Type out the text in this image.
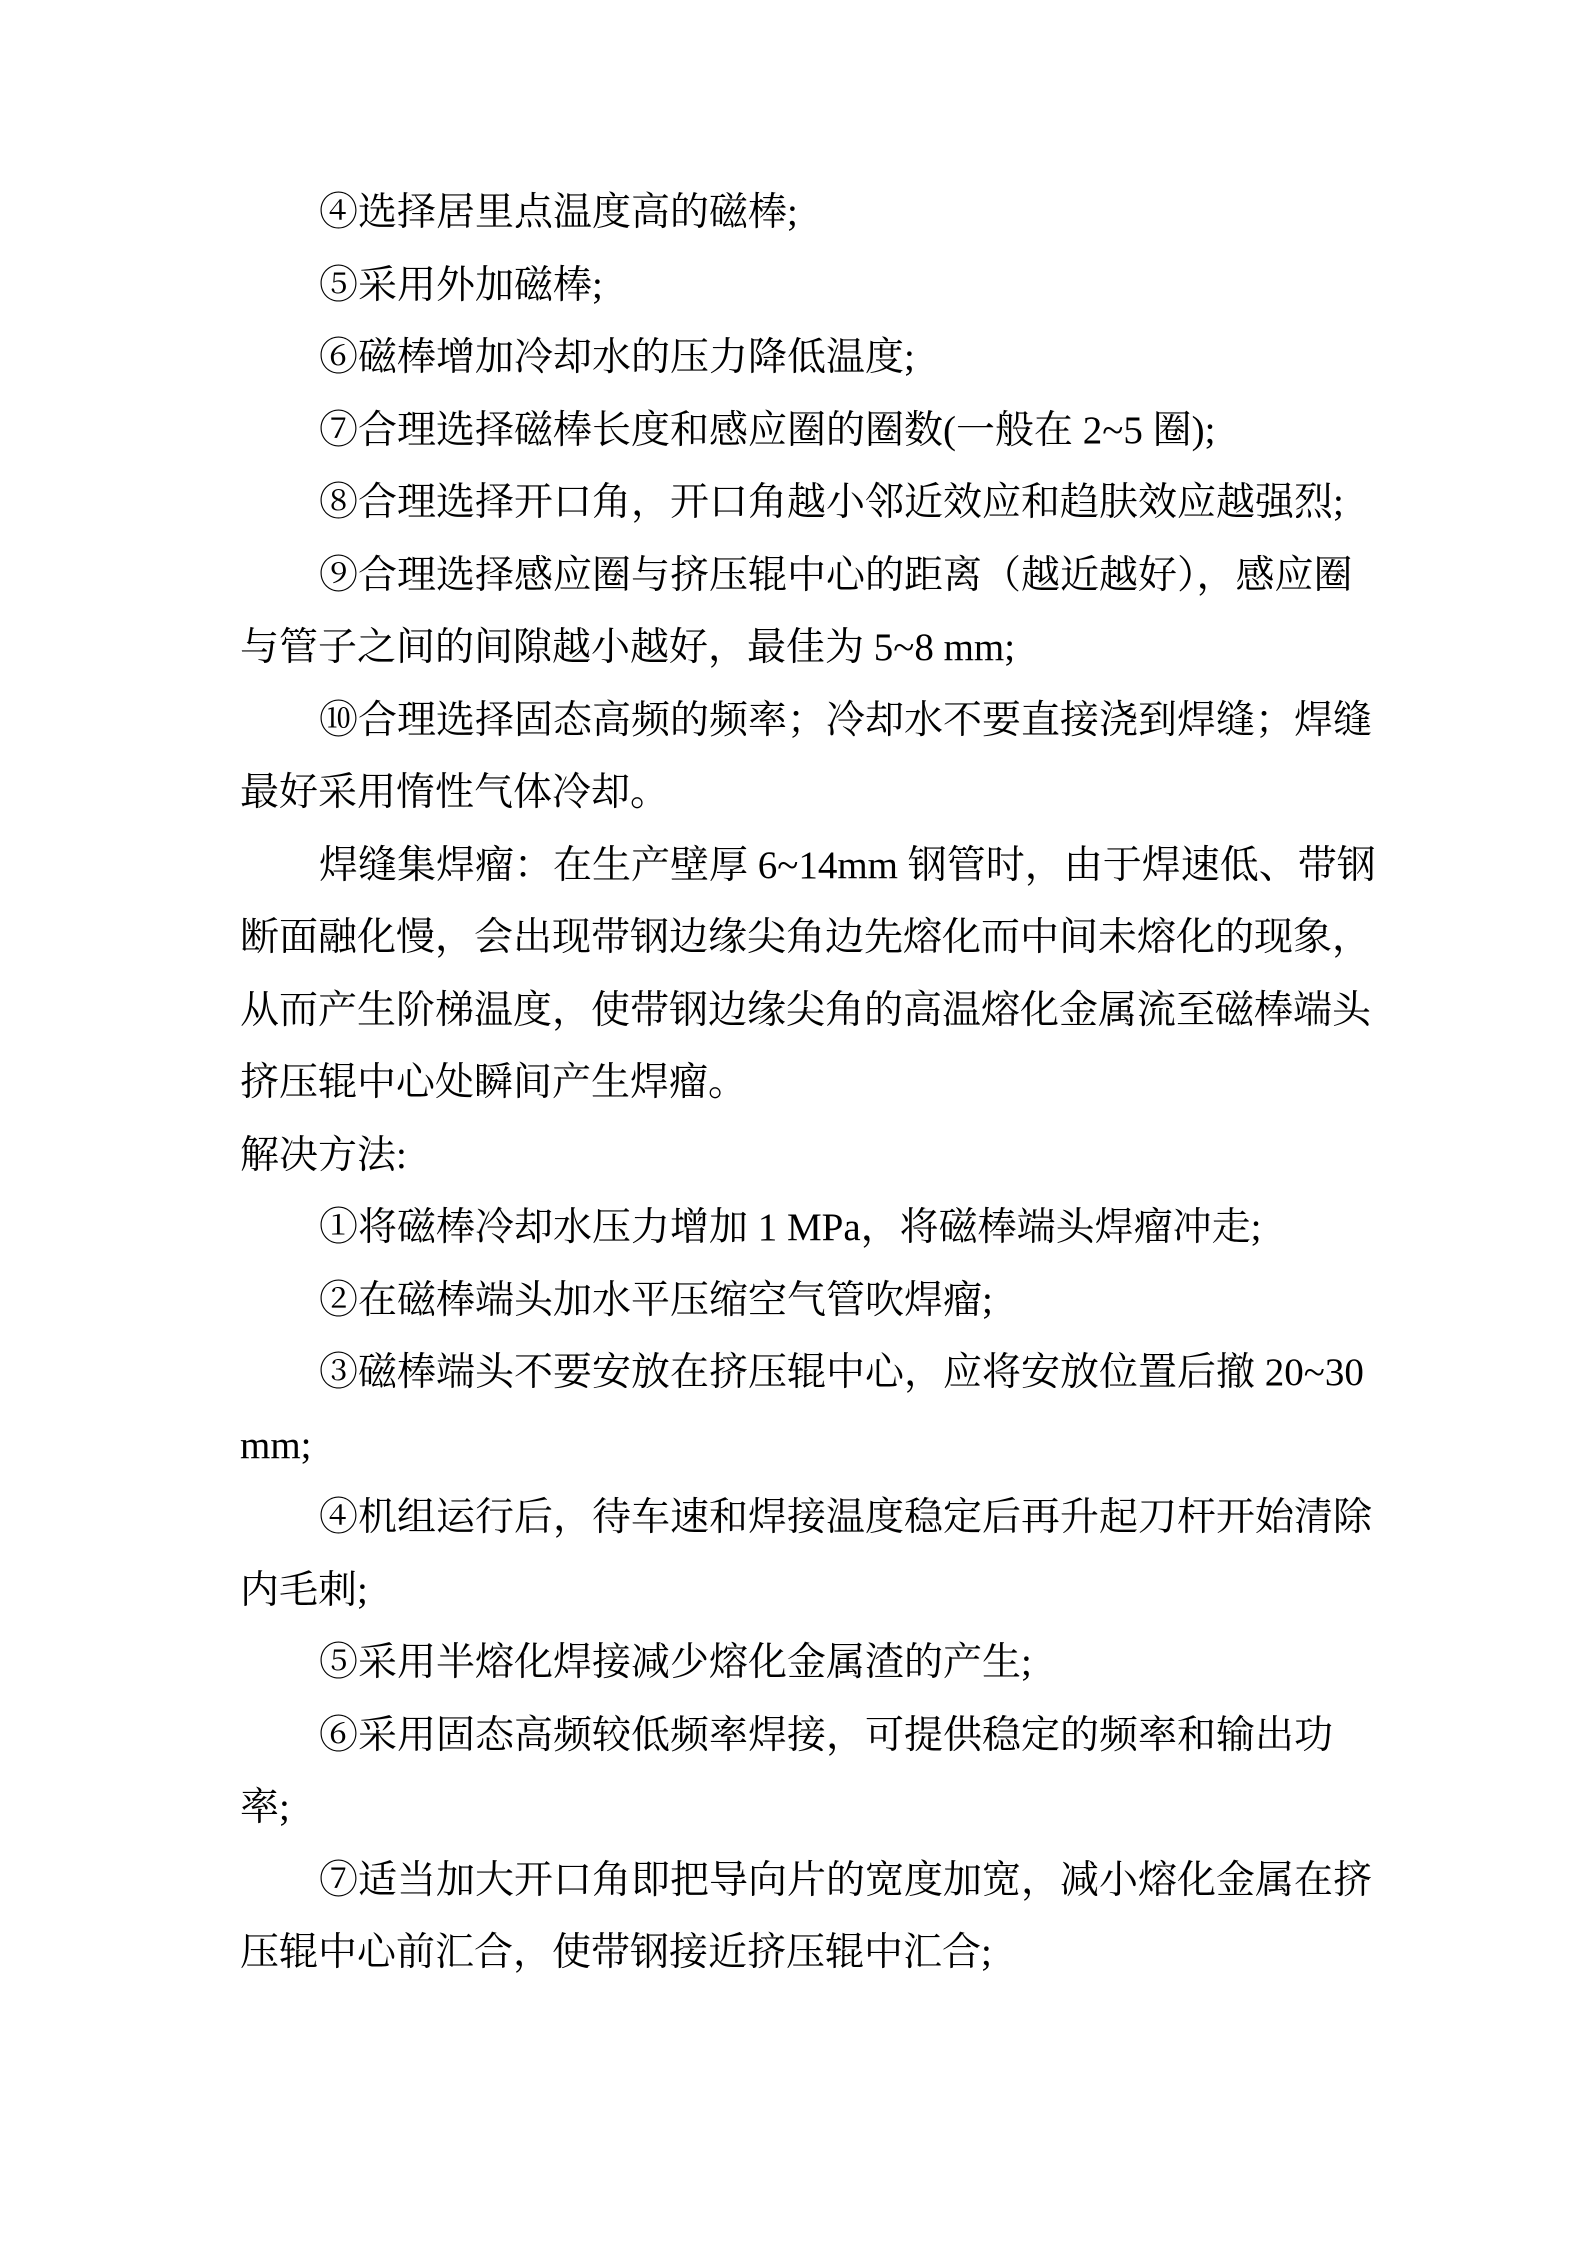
④选择居里点温度高的磁棒;
⑤采用外加磁棒;
⑥磁棒增加冷却水的压力降低温度;
⑦合理选择磁棒长度和感应圈的圈数(一般在 2~5 圈);
⑧合理选择开口角，开口角越小邻近效应和趋肤效应越强烈;
⑨合理选择感应圈与挤压辊中心的距离（越近越好），感应圈
与管子之间的间隙越小越好，最佳为 5~8 mm;
⑩合理选择固态高频的频率；冷却水不要直接浇到焊缝；焊缝
最好采用惰性气体冷却。
焊缝集焊瘤：在生产壁厚 6~14mm 钢管时，由于焊速低、带钢
断面融化慢，会出现带钢边缘尖角边先熔化而中间未熔化的现象，
从而产生阶梯温度，使带钢边缘尖角的高温熔化金属流至磁棒端头
挤压辊中心处瞬间产生焊瘤。
解决方法:
①将磁棒冷却水压力增加 1 MPa，将磁棒端头焊瘤冲走;
②在磁棒端头加水平压缩空气管吹焊瘤;
③磁棒端头不要安放在挤压辊中心，应将安放位置后撤 20~30
mm;
④机组运行后，待车速和焊接温度稳定后再升起刀杆开始清除
内毛刺;
⑤采用半熔化焊接减少熔化金属渣的产生;
⑥采用固态高频较低频率焊接，可提供稳定的频率和输出功
率;
⑦适当加大开口角即把导向片的宽度加宽，减小熔化金属在挤
压辊中心前汇合，使带钢接近挤压辊中汇合;
